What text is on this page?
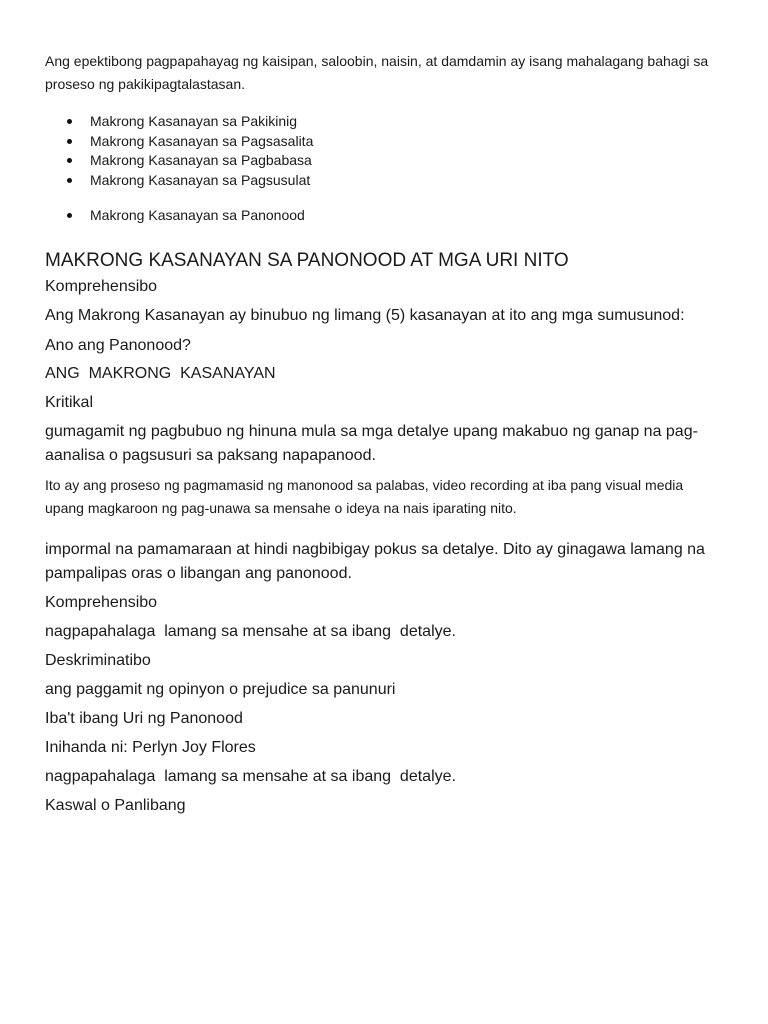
Ang epektibong pagpapahayag ng kaisipan, saloobin, naisin, at damdamin ay isang mahalagang bahagi sa proseso ng pakikipagtalastasan.
Makrong Kasanayan sa Pakikinig
Makrong Kasanayan sa Pagsasalita
Makrong Kasanayan sa Pagbabasa
Makrong Kasanayan sa Pagsusulat
Makrong Kasanayan sa Panonood
MAKRONG KASANAYAN SA PANONOOD AT MGA URI NITO
Komprehensibo
Ang Makrong Kasanayan ay binubuo ng limang (5) kasanayan at ito ang mga sumusunod:
Ano ang Panonood?
ANG  MAKRONG  KASANAYAN
Kritikal
gumagamit ng pagbubuo ng hinuna mula sa mga detalye upang makabuo ng ganap na pag-aanalisa o pagsusuri sa paksang napapanood.
Ito ay ang proseso ng pagmamasid ng manonood sa palabas, video recording at iba pang visual media upang magkaroon ng pag-unawa sa mensahe o ideya na nais iparating nito.
impormal na pamamaraan at hindi nagbibigay pokus sa detalye. Dito ay ginagawa lamang na pampalipas oras o libangan ang panonood.
Komprehensibo
nagpapahalaga  lamang sa mensahe at sa ibang  detalye.
Deskriminatibo
ang paggamit ng opinyon o prejudice sa panunuri
Iba't ibang Uri ng Panonood
Inihanda ni: Perlyn Joy Flores
nagpapahalaga  lamang sa mensahe at sa ibang  detalye.
Kaswal o Panlibang
